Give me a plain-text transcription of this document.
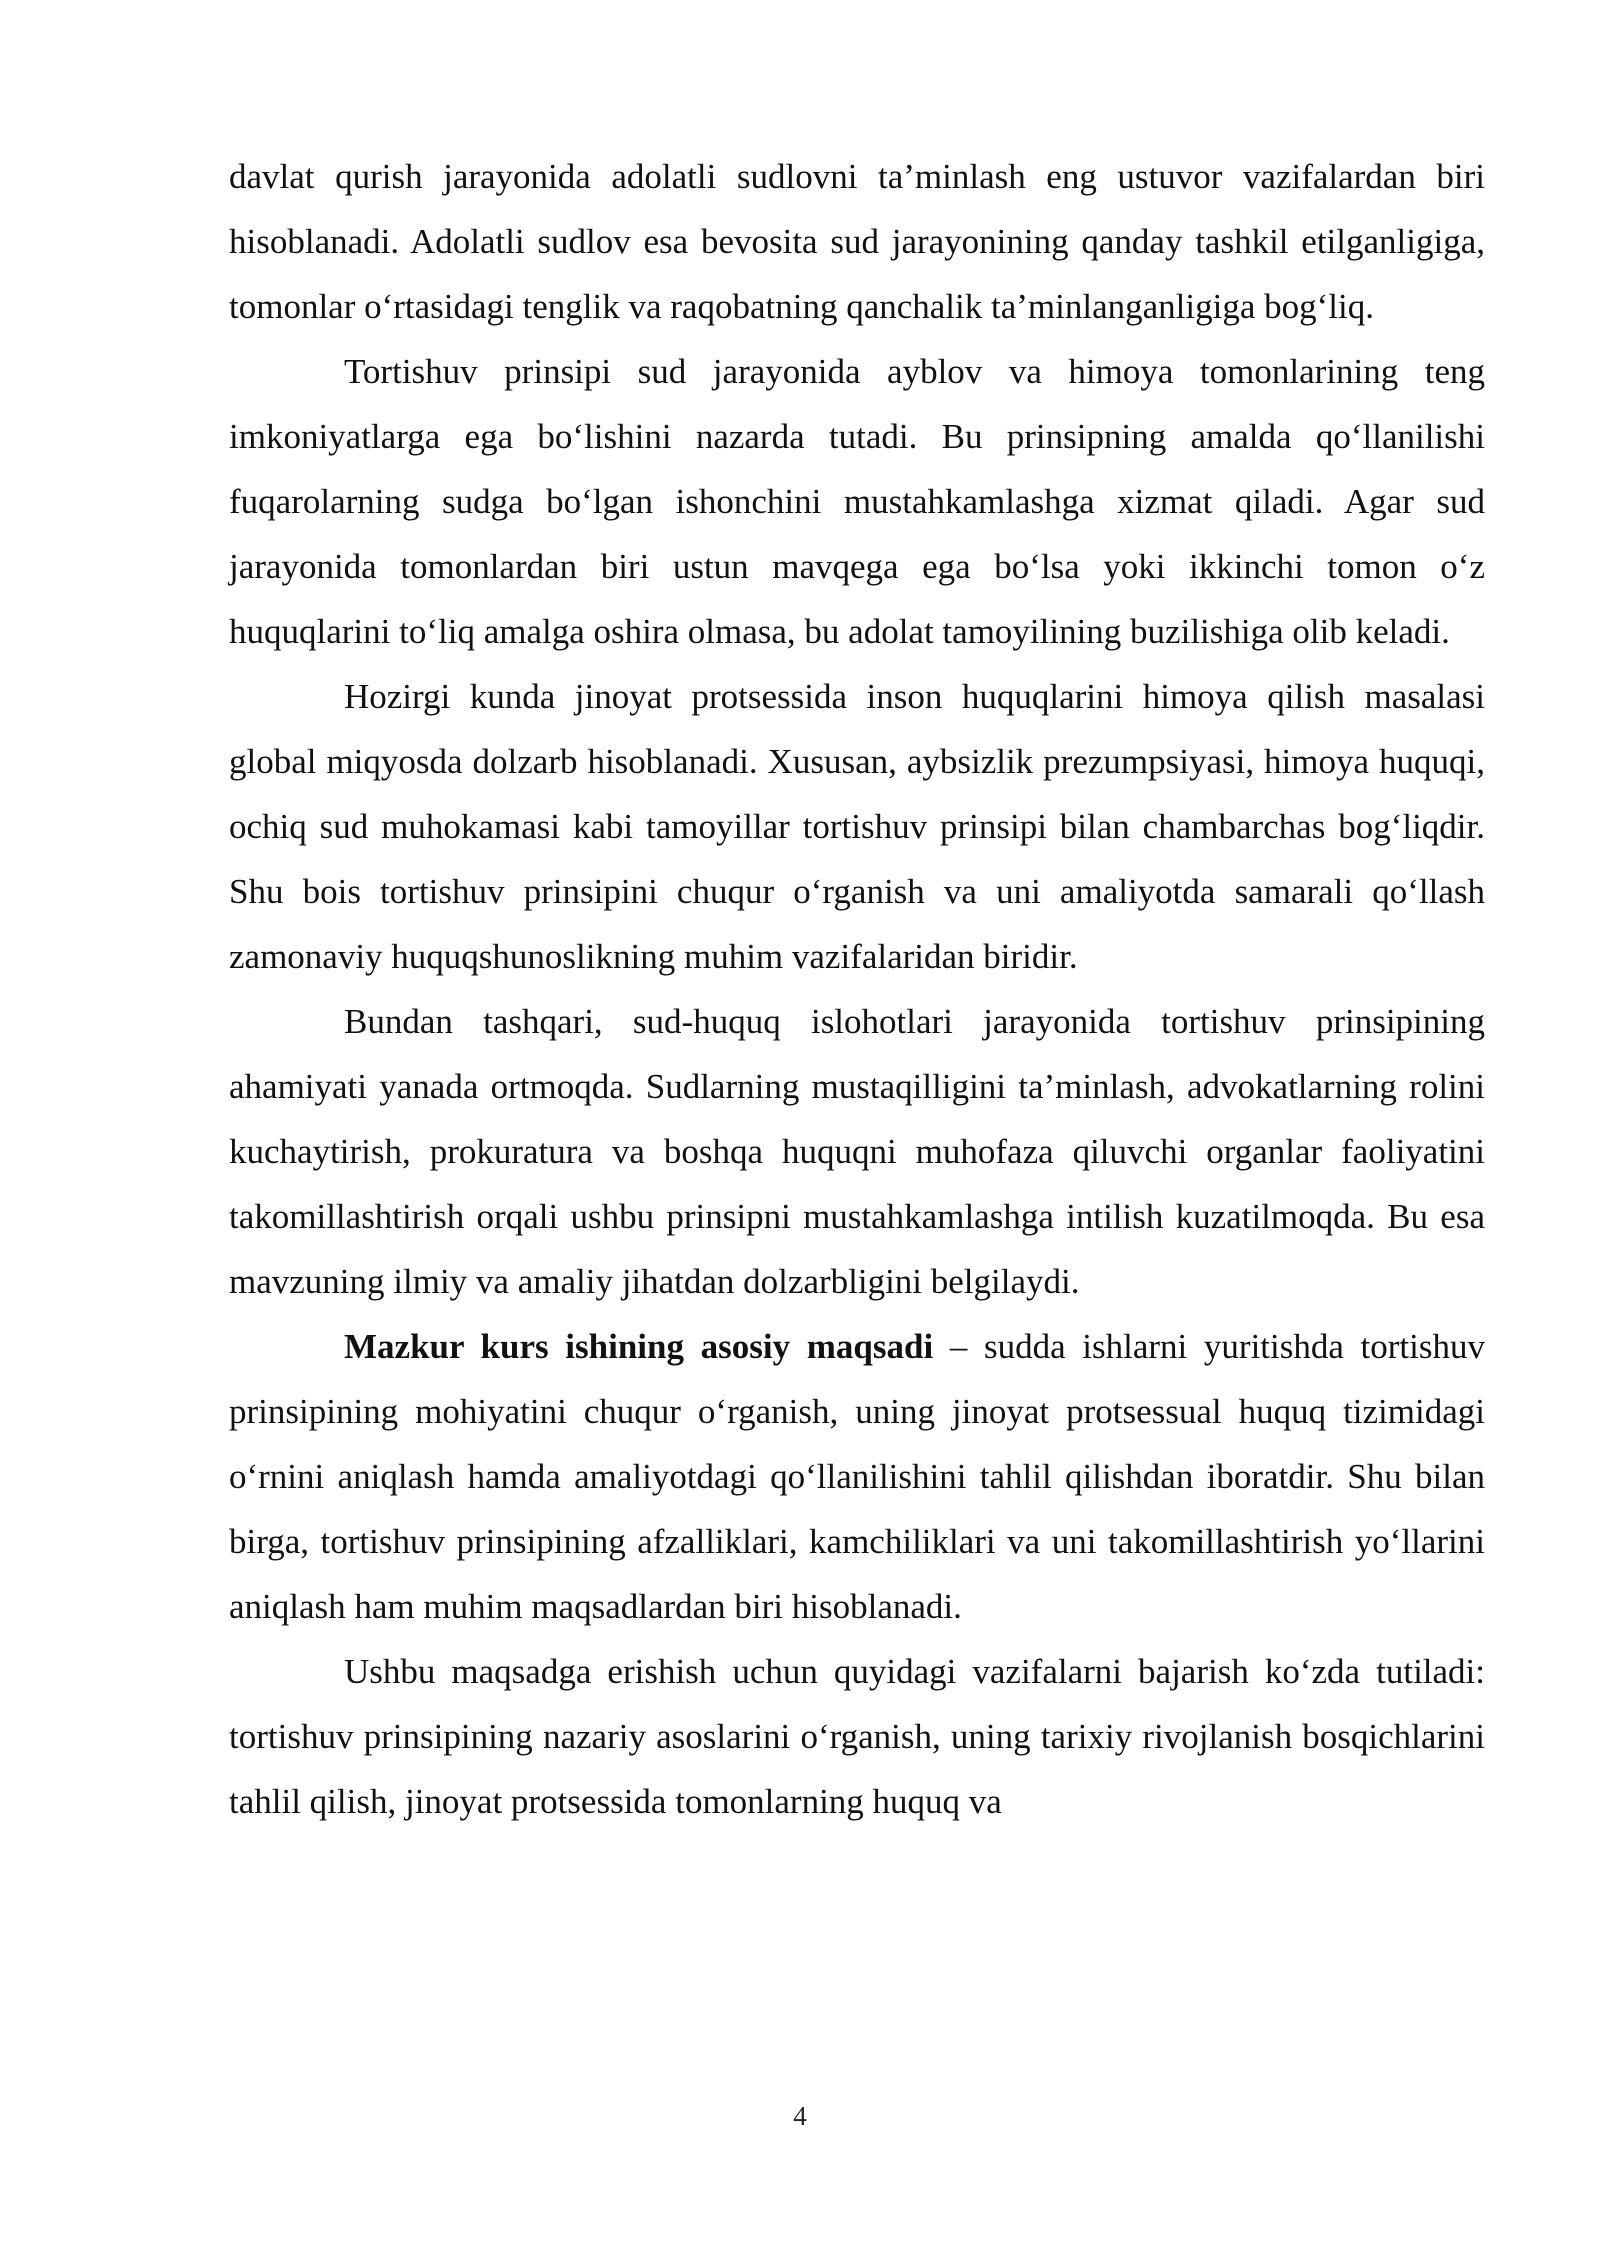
davlat qurish jarayonida adolatli sudlovni ta’minlash eng ustuvor vazifalardan biri hisoblanadi. Adolatli sudlov esa bevosita sud jarayonining qanday tashkil etilganligiga, tomonlar o‘rtasidagi tenglik va raqobatning qanchalik ta’minlanganligiga bog‘liq.

Tortishuv prinsipi sud jarayonida ayblov va himoya tomonlarining teng imkoniyatlarga ega bo‘lishini nazarda tutadi. Bu prinsipning amalda qo‘llanilishi fuqarolarning sudga bo‘lgan ishonchini mustahkamlashga xizmat qiladi. Agar sud jarayonida tomonlardan biri ustun mavqega ega bo‘lsa yoki ikkinchi tomon o‘z huquqlarini to‘liq amalga oshira olmasa, bu adolat tamoyilining buzilishiga olib keladi.

Hozirgi kunda jinoyat protsessida inson huquqlarini himoya qilish masalasi global miqyosda dolzarb hisoblanadi. Xususan, aybsizlik prezumpsiyasi, himoya huquqi, ochiq sud muhokamasi kabi tamoyillar tortishuv prinsipi bilan chambarchas bog‘liqdir. Shu bois tortishuv prinsipini chuqur o‘rganish va uni amaliyotda samarali qo‘llash zamonaviy huquqshunoslikning muhim vazifalaridan biridir.

Bundan tashqari, sud-huquq islohotlari jarayonida tortishuv prinsipining ahamiyati yanada ortmoqda. Sudlarning mustaqilligini ta’minlash, advokatlarning rolini kuchaytirish, prokuratura va boshqa huquqni muhofaza qiluvchi organlar faoliyatini takomillashtirish orqali ushbu prinsipni mustahkamlashga intilish kuzatilmoqda. Bu esa mavzuning ilmiy va amaliy jihatdan dolzarbligini belgilaydi.

Mazkur kurs ishining asosiy maqsadi – sudda ishlarni yuritishda tortishuv prinsipining mohiyatini chuqur o‘rganish, uning jinoyat protsessual huquq tizimidagi o‘rnini aniqlash hamda amaliyotdagi qo‘llanilishini tahlil qilishdan iboratdir. Shu bilan birga, tortishuv prinsipining afzalliklari, kamchiliklari va uni takomillashtirish yo‘llarini aniqlash ham muhim maqsadlardan biri hisoblanadi.

Ushbu maqsadga erishish uchun quyidagi vazifalarni bajarish ko‘zda tutiladi: tortishuv prinsipining nazariy asoslarini o‘rganish, uning tarixiy rivojlanish bosqichlarini tahlil qilish, jinoyat protsessida tomonlarning huquq va

4
